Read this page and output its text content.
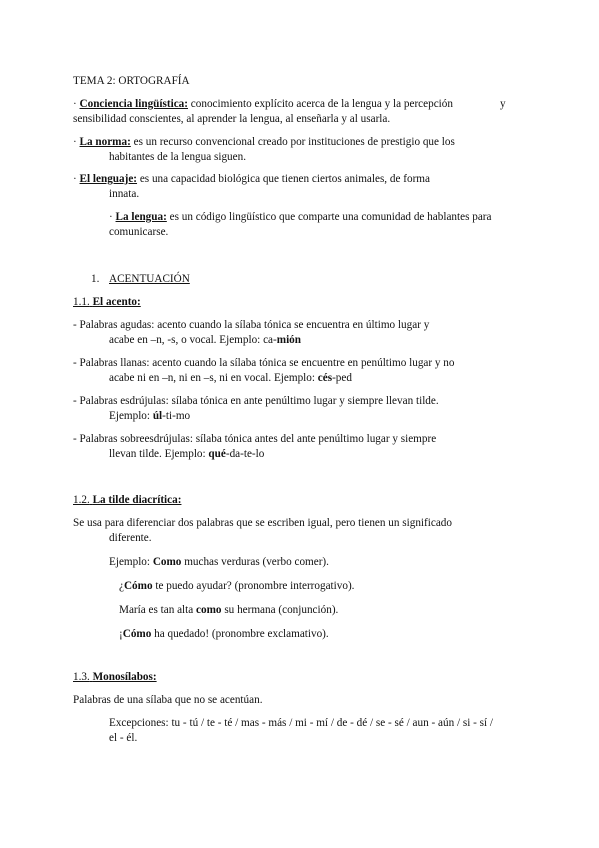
TEMA 2: ORTOGRAFÍA
· Conciencia lingüística: conocimiento explícito acerca de la lengua y la percepción	y
sensibilidad conscientes, al aprender la lengua, al enseñarla y al usarla.
· La norma: es un recurso convencional creado por instituciones de prestigio que los
habitantes de la lengua siguen.
· El lenguaje: es una capacidad biológica que tienen ciertos animales, de forma
innata.
· La lengua: es un código lingüístico que comparte una comunidad de hablantes para
comunicarse.
1. ACENTUACIÓN
1.1. El acento:
- Palabras agudas: acento cuando la sílaba tónica se encuentra en último lugar y
acabe en –n, -s, o vocal. Ejemplo: ca-mión
- Palabras llanas: acento cuando la sílaba tónica se encuentre en penúltimo lugar y no
acabe ni en –n, ni en –s, ni en vocal. Ejemplo: cés-ped
- Palabras esdrújulas: sílaba tónica en ante penúltimo lugar y siempre llevan tilde.
Ejemplo: úl-ti-mo
- Palabras sobreesdrújulas: sílaba tónica antes del ante penúltimo lugar y siempre
llevan tilde. Ejemplo: qué-da-te-lo
1.2. La tilde diacrítica:
Se usa para diferenciar dos palabras que se escriben igual, pero tienen un significado
diferente.
Ejemplo: Como muchas verduras (verbo comer).
¿Cómo te puedo ayudar? (pronombre interrogativo).
María es tan alta como su hermana (conjunción).
¡Cómo ha quedado! (pronombre exclamativo).
1.3. Monosílabos:
Palabras de una sílaba que no se acentúan.
Excepciones: tu - tú / te - té / mas - más / mi - mí / de - dé / se - sé / aun - aún / si - sí /
el - él.
